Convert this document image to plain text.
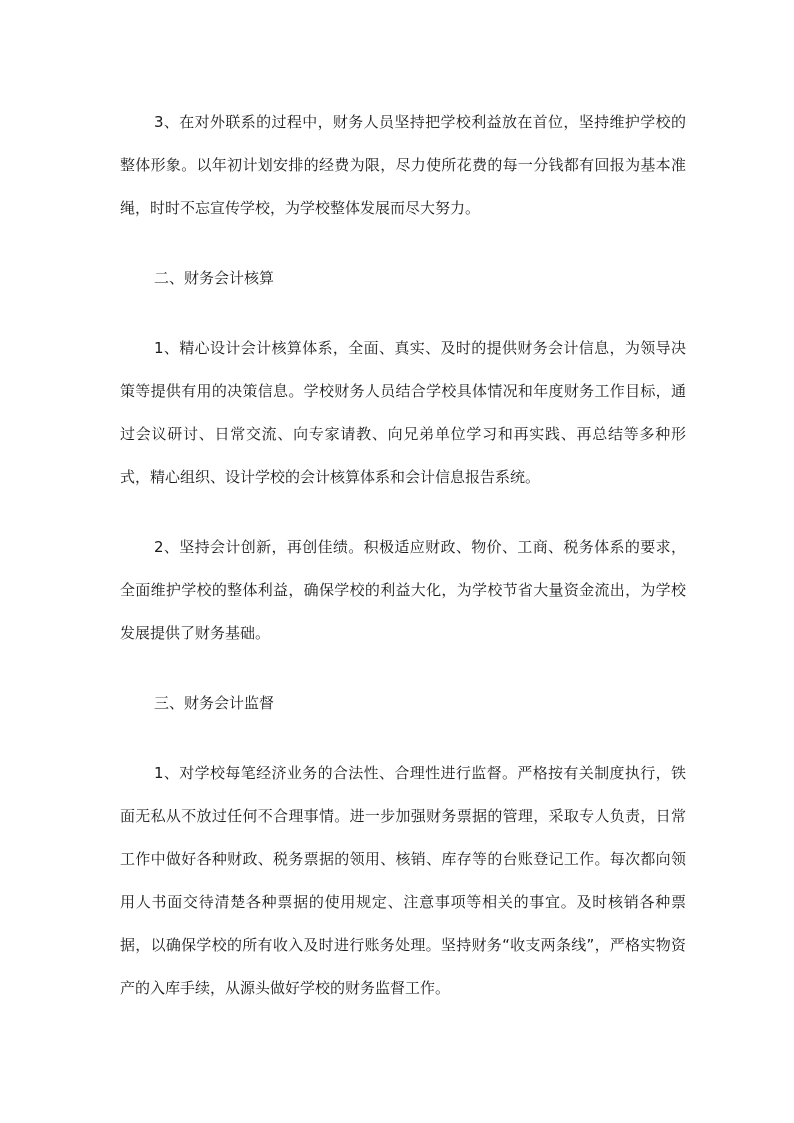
3、在对外联系的过程中，财务人员坚持把学校利益放在首位，坚持维护学校的整体形象。以年初计划安排的经费为限，尽力使所花费的每一分钱都有回报为基本准绳，时时不忘宣传学校，为学校整体发展而尽大努力。

二、财务会计核算

1、精心设计会计核算体系，全面、真实、及时的提供财务会计信息，为领导决策等提供有用的决策信息。学校财务人员结合学校具体情况和年度财务工作目标，通过会议研讨、日常交流、向专家请教、向兄弟单位学习和再实践、再总结等多种形式，精心组织、设计学校的会计核算体系和会计信息报告系统。

2、坚持会计创新，再创佳绩。积极适应财政、物价、工商、税务体系的要求，全面维护学校的整体利益，确保学校的利益大化，为学校节省大量资金流出，为学校发展提供了财务基础。

三、财务会计监督

1、对学校每笔经济业务的合法性、合理性进行监督。严格按有关制度执行，铁面无私从不放过任何不合理事情。进一步加强财务票据的管理，采取专人负责，日常工作中做好各种财政、税务票据的领用、核销、库存等的台账登记工作。每次都向领用人书面交待清楚各种票据的使用规定、注意事项等相关的事宜。及时核销各种票据，以确保学校的所有收入及时进行账务处理。坚持财务“收支两条线”，严格实物资产的入库手续，从源头做好学校的财务监督工作。
